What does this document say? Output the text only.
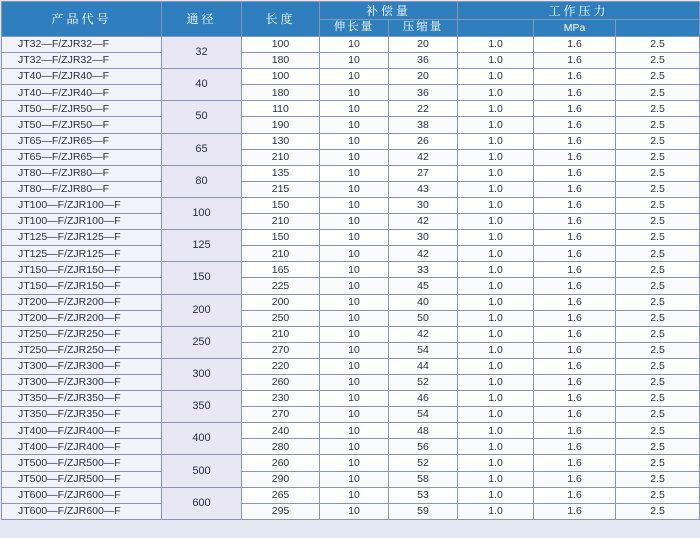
产品代号	通径	长度	补偿量		工作压力		
			伸长量	压缩量		MPa	
JT32—F/ZJR32—F	32	100	10	20	1.0	1.6	2.5
JT32—F/ZJR32—F		180	10	36	1.0	1.6	2.5
JT40—F/ZJR40—F	40	100	10	20	1.0	1.6	2.5
JT40—F/ZJR40—F		180	10	36	1.0	1.6	2.5
JT50—F/ZJR50—F	50	110	10	22	1.0	1.6	2.5
JT50—F/ZJR50—F		190	10	38	1.0	1.6	2.5
JT65—F/ZJR65—F	65	130	10	26	1.0	1.6	2.5
JT65—F/ZJR65—F		210	10	42	1.0	1.6	2.5
JT80—F/ZJR80—F	80	135	10	27	1.0	1.6	2.5
JT80—F/ZJR80—F		215	10	43	1.0	1.6	2.5
JT100—F/ZJR100—F	100	150	10	30	1.0	1.6	2.5
JT100—F/ZJR100—F		210	10	42	1.0	1.6	2.5
JT125—F/ZJR125—F	125	150	10	30	1.0	1.6	2.5
JT125—F/ZJR125—F		210	10	42	1.0	1.6	2.5
JT150—F/ZJR150—F	150	165	10	33	1.0	1.6	2.5
JT150—F/ZJR150—F		225	10	45	1.0	1.6	2.5
JT200—F/ZJR200—F	200	200	10	40	1.0	1.6	2.5
JT200—F/ZJR200—F		250	10	50	1.0	1.6	2.5
JT250—F/ZJR250—F	250	210	10	42	1.0	1.6	2.5
JT250—F/ZJR250—F		270	10	54	1.0	1.6	2.5
JT300—F/ZJR300—F	300	220	10	44	1.0	1.6	2.5
JT300—F/ZJR300—F		260	10	52	1.0	1.6	2.5
JT350—F/ZJR350—F	350	230	10	46	1.0	1.6	2.5
JT350—F/ZJR350—F		270	10	54	1.0	1.6	2.5
JT400—F/ZJR400—F	400	240	10	48	1.0	1.6	2.5
JT400—F/ZJR400—F		280	10	56	1.0	1.6	2.5
JT500—F/ZJR500—F	500	260	10	52	1.0	1.6	2.5
JT500—F/ZJR500—F		290	10	58	1.0	1.6	2.5
JT600—F/ZJR600—F	600	265	10	53	1.0	1.6	2.5
JT600—F/ZJR600—F		295	10	59	1.0	1.6	2.5
